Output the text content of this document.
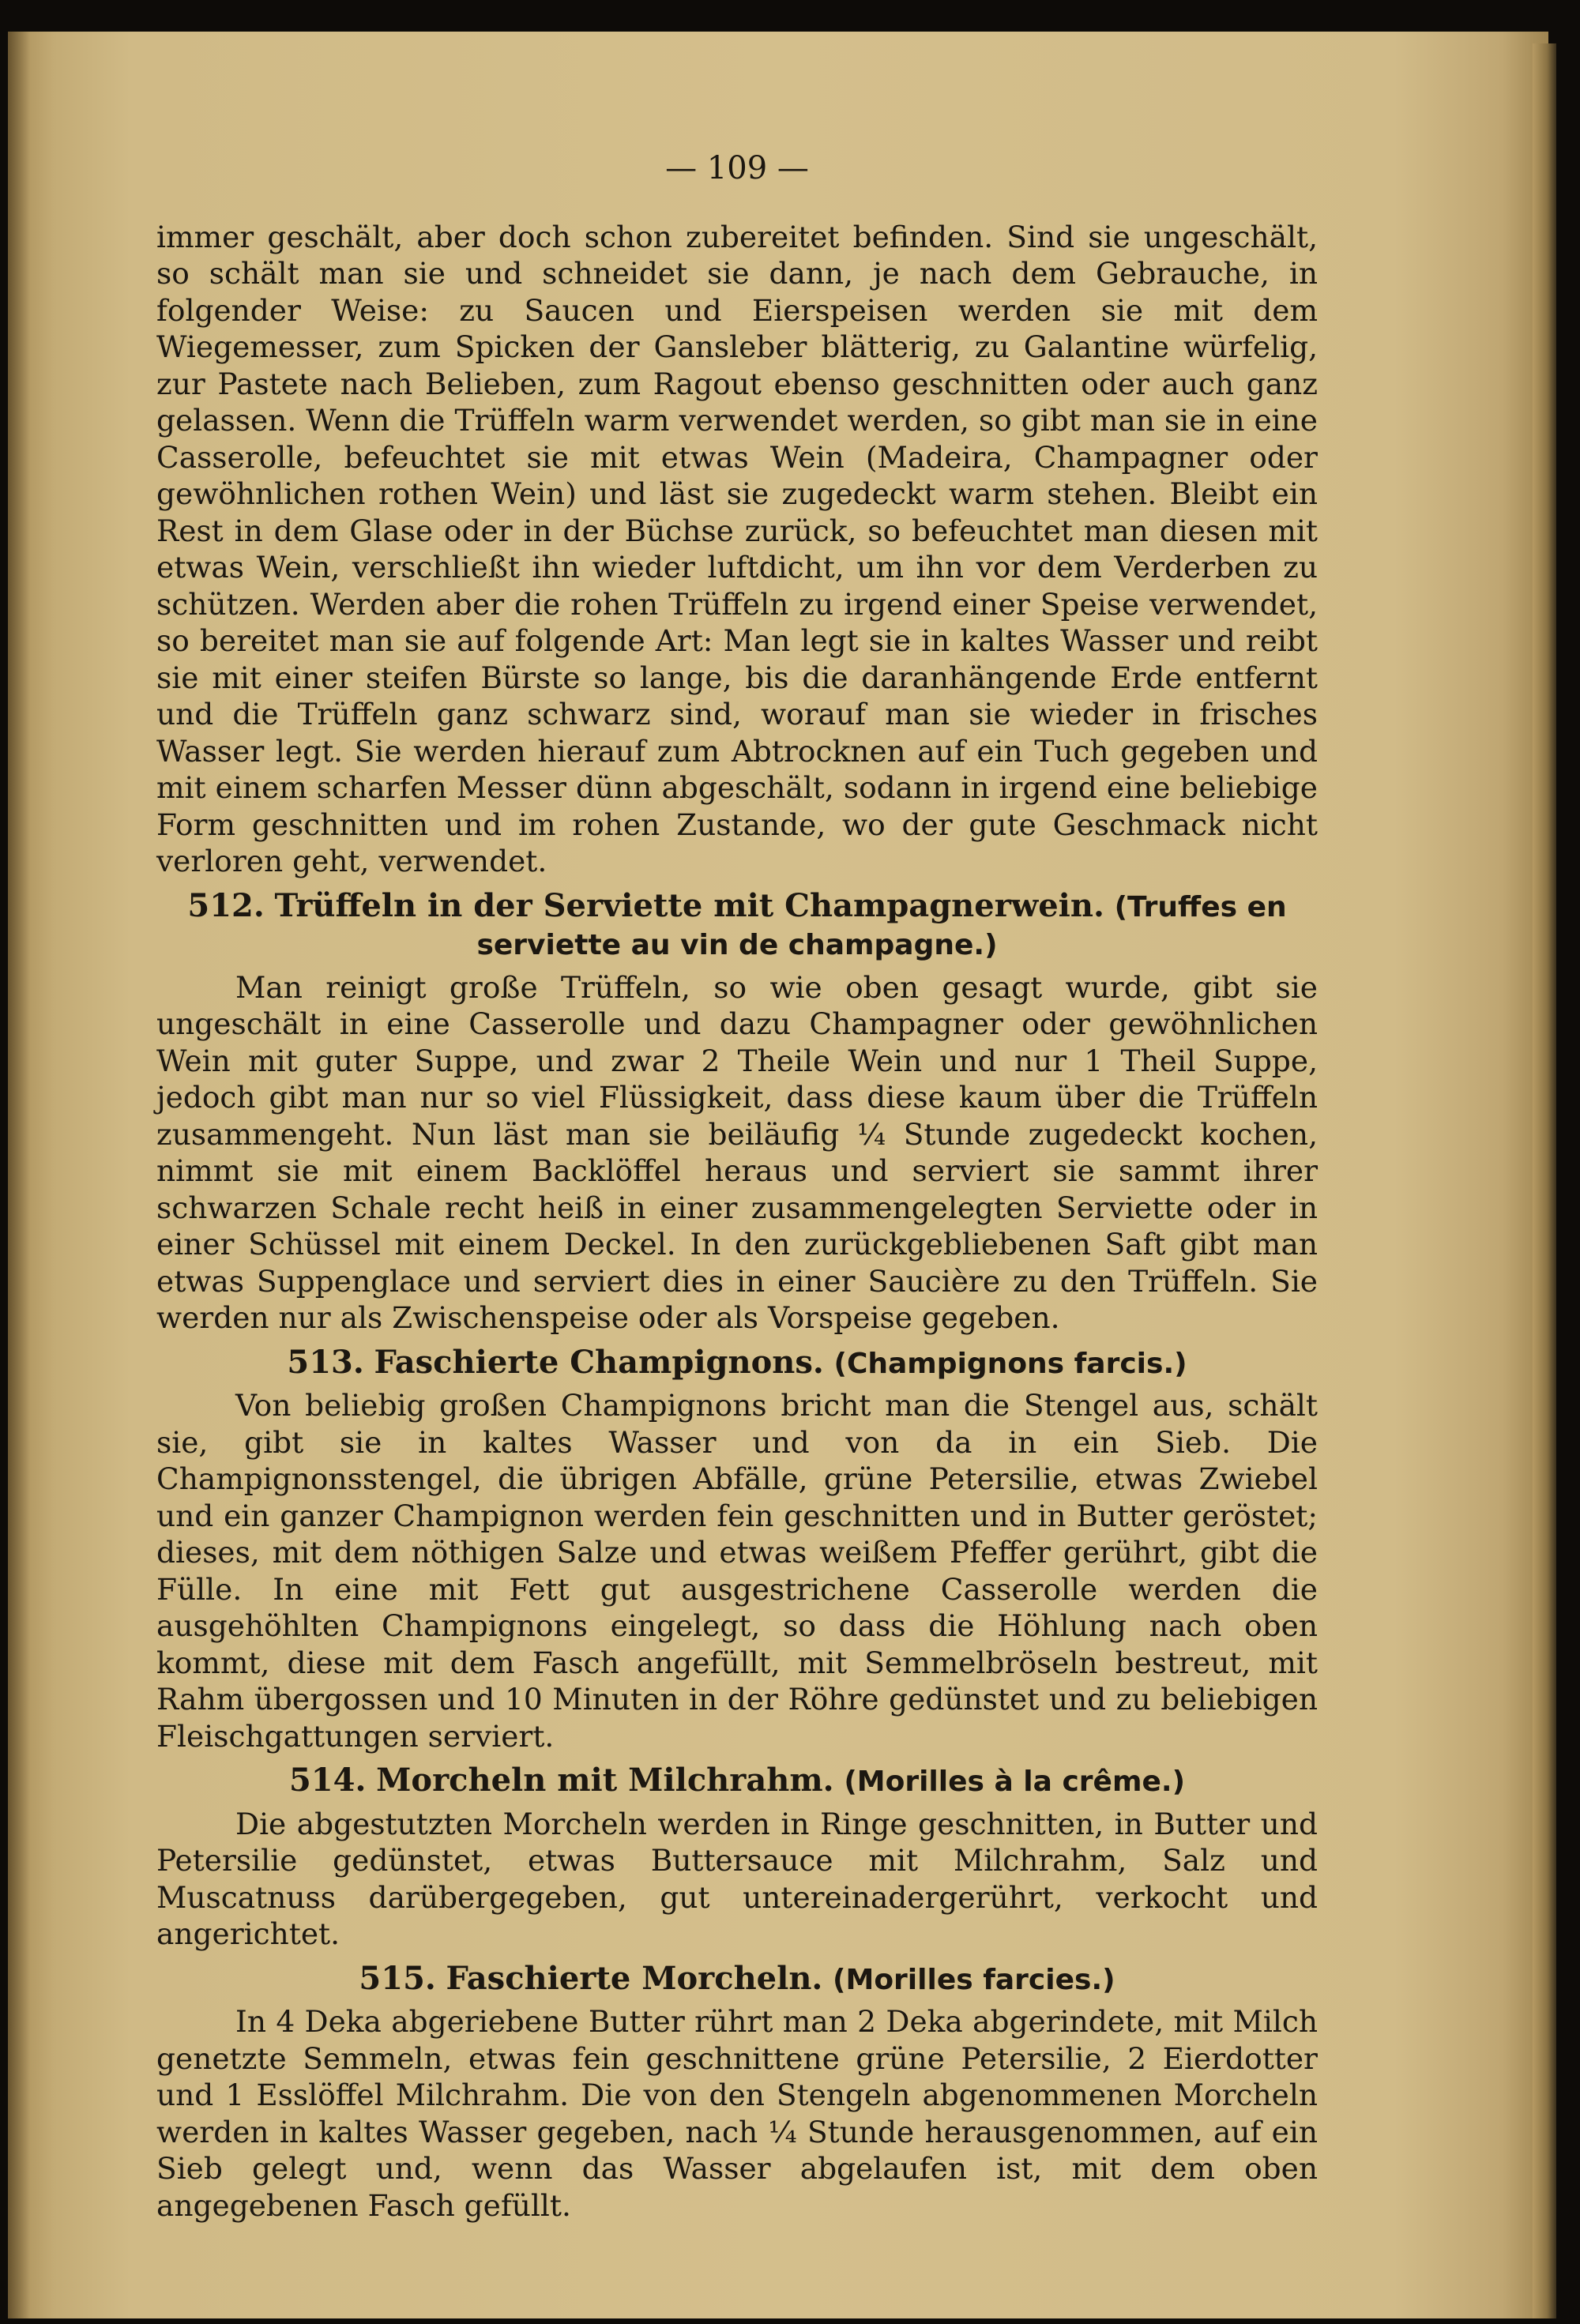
— 109 —

immer geschält, aber doch schon zubereitet befinden. Sind sie ungeschält, so schält man sie und schneidet sie dann, je nach dem Gebrauche, in folgender Weise: zu Saucen und Eierspeisen werden sie mit dem Wiegemesser, zum Spicken der Gansleber blätterig, zu Galantine würfelig, zur Pastete nach Belieben, zum Ragout ebenso geschnitten oder auch ganz gelassen. Wenn die Trüffeln warm verwendet werden, so gibt man sie in eine Casserolle, befeuchtet sie mit etwas Wein (Madeira, Champagner oder gewöhnlichen rothen Wein) und läst sie zugedeckt warm stehen. Bleibt ein Rest in dem Glase oder in der Büchse zurück, so befeuchtet man diesen mit etwas Wein, verschließt ihn wieder luftdicht, um ihn vor dem Verderben zu schützen. Werden aber die rohen Trüffeln zu irgend einer Speise verwendet, so bereitet man sie auf folgende Art: Man legt sie in kaltes Wasser und reibt sie mit einer steifen Bürste so lange, bis die daranhängende Erde entfernt und die Trüffeln ganz schwarz sind, worauf man sie wieder in frisches Wasser legt. Sie werden hierauf zum Abtrocknen auf ein Tuch gegeben und mit einem scharfen Messer dünn abgeschält, sodann in irgend eine beliebige Form geschnitten und im rohen Zustande, wo der gute Geschmack nicht verloren geht, verwendet.

512. Trüffeln in der Serviette mit Champagnerwein. (Truffes en serviette au vin de champagne.)

Man reinigt große Trüffeln, so wie oben gesagt wurde, gibt sie ungeschält in eine Casserolle und dazu Champagner oder gewöhnlichen Wein mit guter Suppe, und zwar 2 Theile Wein und nur 1 Theil Suppe, jedoch gibt man nur so viel Flüssigkeit, dass diese kaum über die Trüffeln zusammengeht. Nun läst man sie beiläufig ¼ Stunde zugedeckt kochen, nimmt sie mit einem Backlöffel heraus und serviert sie sammt ihrer schwarzen Schale recht heiß in einer zusammengelegten Serviette oder in einer Schüssel mit einem Deckel. In den zurückgebliebenen Saft gibt man etwas Suppenglace und serviert dies in einer Saucière zu den Trüffeln. Sie werden nur als Zwischenspeise oder als Vorspeise gegeben.

513. Faschierte Champignons. (Champignons farcis.)

Von beliebig großen Champignons bricht man die Stengel aus, schält sie, gibt sie in kaltes Wasser und von da in ein Sieb. Die Champignonsstengel, die übrigen Abfälle, grüne Petersilie, etwas Zwiebel und ein ganzer Champignon werden fein geschnitten und in Butter geröstet; dieses, mit dem nöthigen Salze und etwas weißem Pfeffer gerührt, gibt die Fülle. In eine mit Fett gut ausgestrichene Casserolle werden die ausgehöhlten Champignons eingelegt, so dass die Höhlung nach oben kommt, diese mit dem Fasch angefüllt, mit Semmelbröseln bestreut, mit Rahm übergossen und 10 Minuten in der Röhre gedünstet und zu beliebigen Fleischgattungen serviert.

514. Morcheln mit Milchrahm. (Morilles à la crême.)

Die abgestutzten Morcheln werden in Ringe geschnitten, in Butter und Petersilie gedünstet, etwas Buttersauce mit Milchrahm, Salz und Muscatnuss darübergegeben, gut untereinadergerührt, verkocht und angerichtet.

515. Faschierte Morcheln. (Morilles farcies.)

In 4 Deka abgeriebene Butter rührt man 2 Deka abgerindete, mit Milch genetzte Semmeln, etwas fein geschnittene grüne Petersilie, 2 Eierdotter und 1 Esslöffel Milchrahm. Die von den Stengeln abgenommenen Morcheln werden in kaltes Wasser gegeben, nach ¼ Stunde herausgenommen, auf ein Sieb gelegt und, wenn das Wasser abgelaufen ist, mit dem oben angegebenen Fasch gefüllt.
